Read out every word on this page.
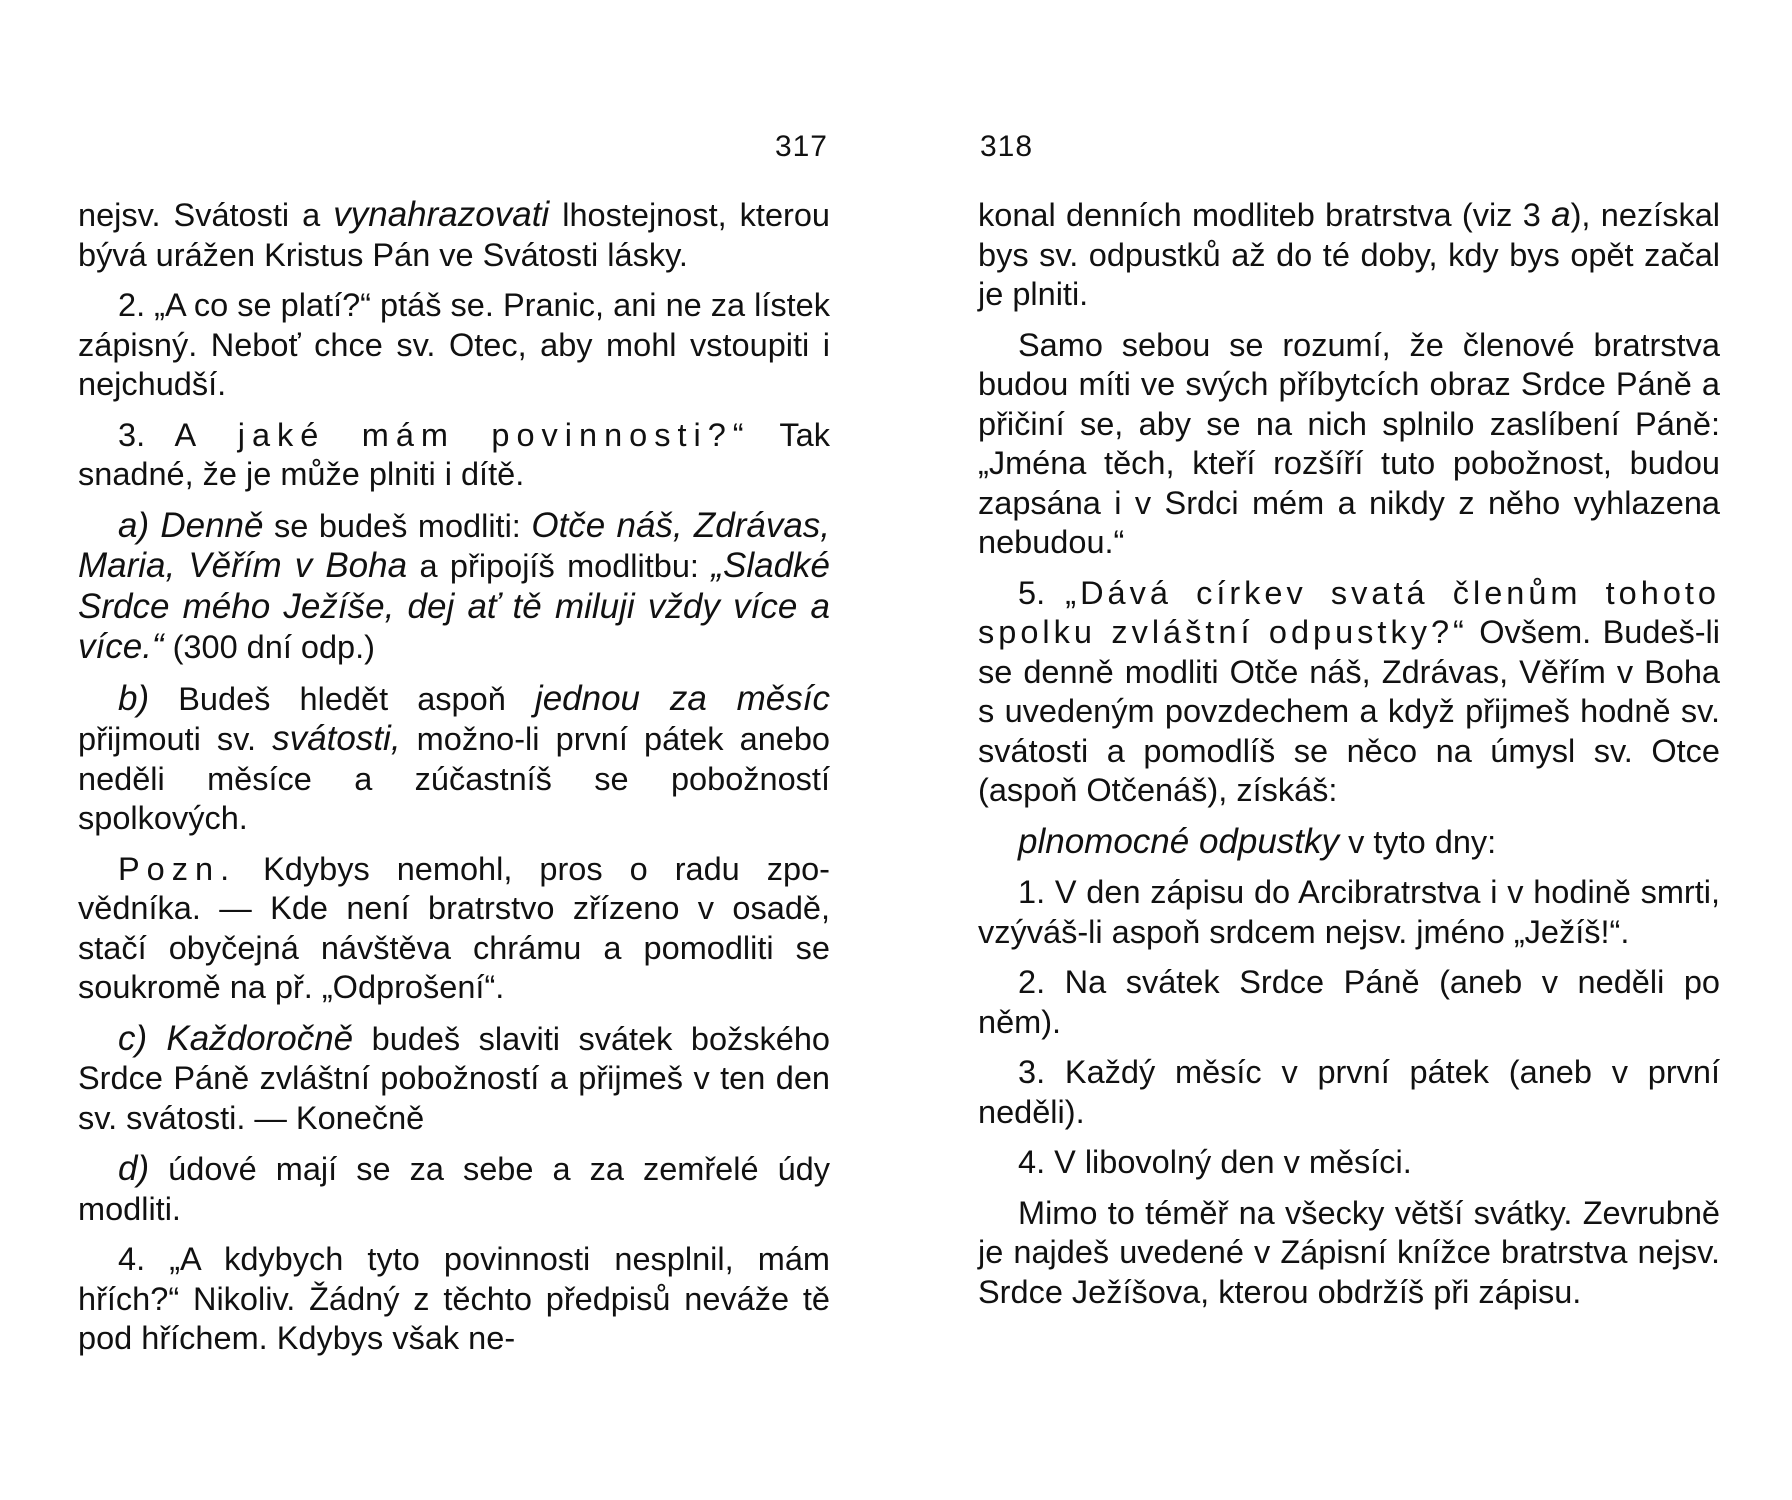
317

nejsv. Svátosti a vynahrazovati lhostejnost, kterou bývá urážen Kristus Pán ve Svátosti lásky.

2. „A co se platí?“ ptáš se. Pranic, ani ne za lístek zápisný. Neboť chce sv. Otec, aby mohl vstoupiti i nejchudší.

3. A jaké mám povinnosti?“ Tak snadné, že je může plniti i dítě.

a) Denně se budeš modliti: Otče náš, Zdrávas, Maria, Věřím v Boha a připojíš modlitbu: „Sladké Srdce mého Ježíše, dej ať tě miluji vždy více a více.“ (300 dní odp.)

b) Budeš hledět aspoň jednou za měsíc přijmouti sv. svátosti, možno-li první pátek anebo neděli měsíce a zúčastníš se pobožností spolkových.

Pozn. Kdybys nemohl, pros o radu zpovědníka. — Kde není bratrstvo zřízeno v osadě, stačí obyčejná návštěva chrámu a pomodliti se soukromě na př. „Odprošení“.

c) Každoročně budeš slaviti svátek božského Srdce Páně zvláštní pobožností a přijmeš v ten den sv. svátosti. — Konečně

d) údové mají se za sebe a za zemřelé údy modliti.

4. „A kdybych tyto povinnosti nesplnil, mám hřích?“ Nikoliv. Žádný z těchto předpisů neváže tě pod hříchem. Kdybys však ne-

318

konal denních modliteb bratrstva (viz 3 a), nezískal bys sv. odpustků až do té doby, kdy bys opět začal je plniti.

Samo sebou se rozumí, že členové bratrstva budou míti ve svých příbytcích obraz Srdce Páně a přičiní se, aby se na nich splnilo zaslíbení Páně: „Jména těch, kteří rozšíří tuto pobožnost, budou zapsána i v Srdci mém a nikdy z něho vyhlazena nebudou.“

5. „Dává církev svatá členům tohoto spolku zvláštní odpustky?“ Ovšem. Budeš-li se denně modliti Otče náš, Zdrávas, Věřím v Boha s uvedeným povzdechem a když přijmeš hodně sv. svátosti a pomodlíš se něco na úmysl sv. Otce (aspoň Otčenáš), získáš:

plnomocné odpustky v tyto dny:

1. V den zápisu do Arcibratrstva i v hodině smrti, vzýváš-li aspoň srdcem nejsv. jméno „Ježíš!“.

2. Na svátek Srdce Páně (aneb v neděli po něm).

3. Každý měsíc v první pátek (aneb v první neděli).

4. V libovolný den v měsíci.

Mimo to téměř na všecky větší svátky. Zevrubně je najdeš uvedené v Zápisní knížce bratrstva nejsv. Srdce Ježíšova, kterou obdržíš při zápisu.
